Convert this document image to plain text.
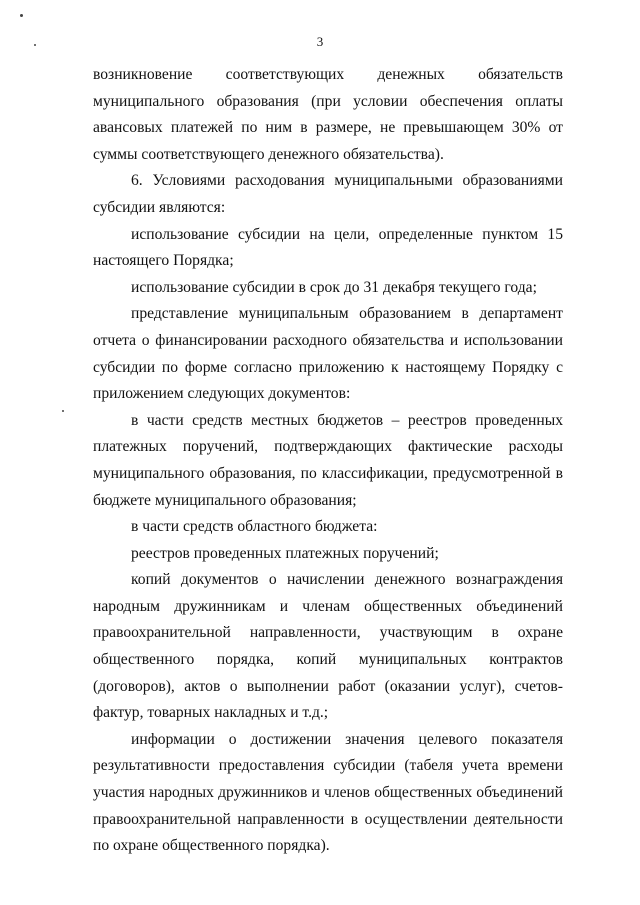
3

возникновение соответствующих денежных обязательств муниципального образования (при условии обеспечения оплаты авансовых платежей по ним в размере, не превышающем 30% от суммы соответствующего денежного обязательства).

6. Условиями расходования муниципальными образованиями субсидии являются:

использование субсидии на цели, определенные пунктом 15 настоящего Порядка;

использование субсидии в срок до 31 декабря текущего года;

представление муниципальным образованием в департамент отчета о финансировании расходного обязательства и использовании субсидии по форме согласно приложению к настоящему Порядку с приложением следующих документов:

в части средств местных бюджетов – реестров проведенных платежных поручений, подтверждающих фактические расходы муниципального образования, по классификации, предусмотренной в бюджете муниципального образования;

в части средств областного бюджета:

реестров проведенных платежных поручений;

копий документов о начислении денежного вознаграждения народным дружинникам и членам общественных объединений правоохранительной направленности, участвующим в охране общественного порядка, копий муниципальных контрактов (договоров), актов о выполнении работ (оказании услуг), счетов-фактур, товарных накладных и т.д.;

информации о достижении значения целевого показателя результативности предоставления субсидии (табеля учета времени участия народных дружинников и членов общественных объединений правоохранительной направленности в осуществлении деятельности по охране общественного порядка).
